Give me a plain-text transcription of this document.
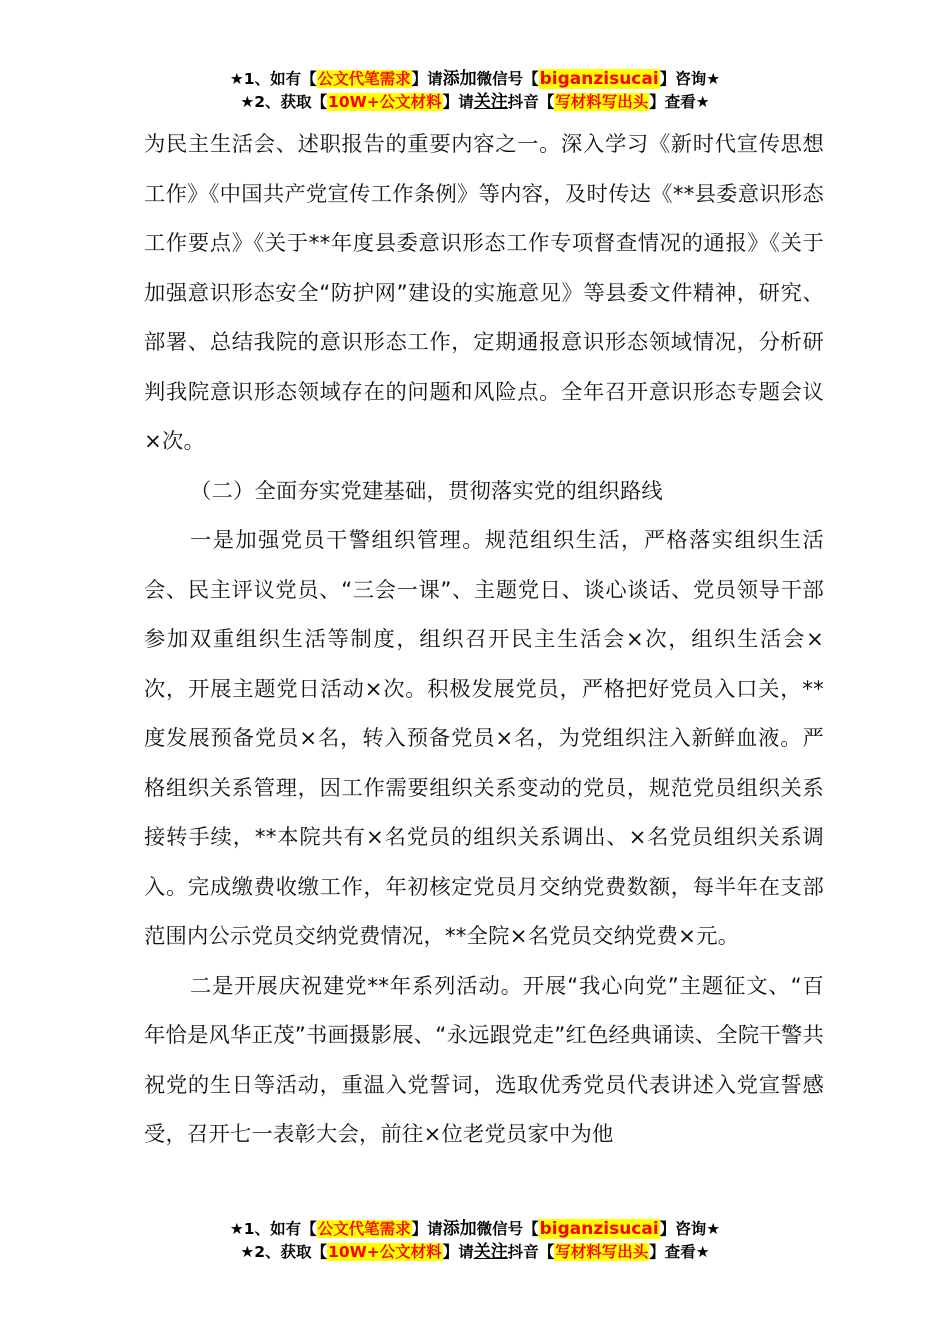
★1、如有【公文代笔需求】请添加微信号【biganzisucai】咨询★
★2、获取【10W+公文材料】请关注抖音【写材料写出头】查看★

为民主生活会、述职报告的重要内容之一。深入学习《新时代宣传思想工作》《中国共产党宣传工作条例》等内容，及时传达《**县委意识形态工作要点》《关于**年度县委意识形态工作专项督查情况的通报》《关于加强意识形态安全“防护网”建设的实施意见》等县委文件精神，研究、部署、总结我院的意识形态工作，定期通报意识形态领域情况，分析研判我院意识形态领域存在的问题和风险点。全年召开意识形态专题会议×次。

（二）全面夯实党建基础，贯彻落实党的组织路线

一是加强党员干警组织管理。规范组织生活，严格落实组织生活会、民主评议党员、“三会一课”、主题党日、谈心谈话、党员领导干部参加双重组织生活等制度，组织召开民主生活会×次，组织生活会×次，开展主题党日活动×次。积极发展党员，严格把好党员入口关，**度发展预备党员×名，转入预备党员×名，为党组织注入新鲜血液。严格组织关系管理，因工作需要组织关系变动的党员，规范党员组织关系接转手续，**本院共有×名党员的组织关系调出、×名党员组织关系调入。完成缴费收缴工作，年初核定党员月交纳党费数额，每半年在支部范围内公示党员交纳党费情况，**全院×名党员交纳党费×元。

二是开展庆祝建党**年系列活动。开展“我心向党”主题征文、“百年恰是风华正茂”书画摄影展、“永远跟党走”红色经典诵读、全院干警共祝党的生日等活动，重温入党誓词，选取优秀党员代表讲述入党宣誓感受，召开七一表彰大会，前往×位老党员家中为他

★1、如有【公文代笔需求】请添加微信号【biganzisucai】咨询★
★2、获取【10W+公文材料】请关注抖音【写材料写出头】查看★
